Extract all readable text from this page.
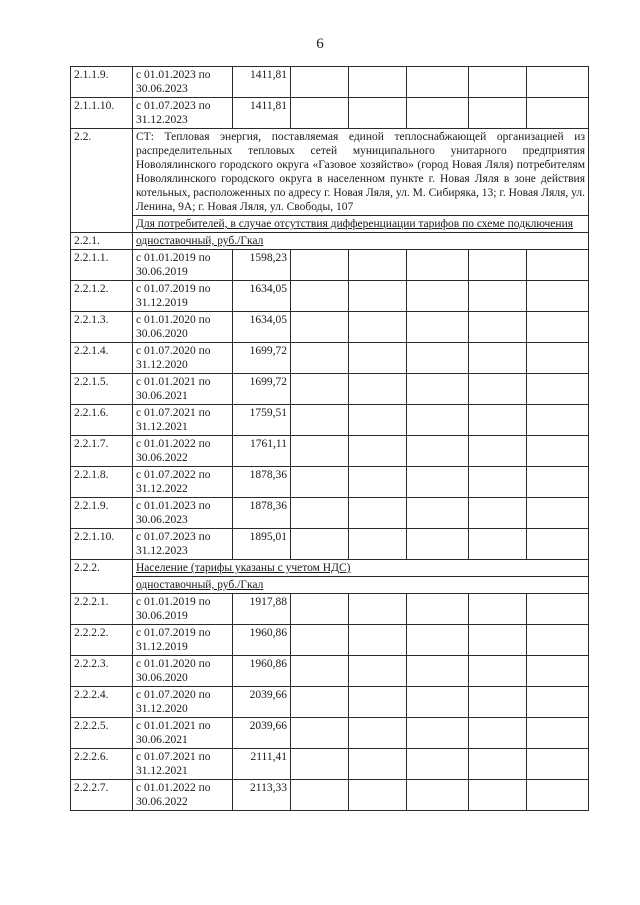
6
2.1.1.9.	с 01.01.2023 по 30.06.2023	1411,81					
2.1.1.10.	с 01.07.2023 по 31.12.2023	1411,81					
2.2.	СТ: Тепловая энергия, поставляемая единой теплоснабжающей организацией из распределительных тепловых сетей муниципального унитарного предприятия Новолялинского городского округа «Газовое хозяйство» (город Новая Ляля) потребителям Новолялинского городского округа в населенном пункте г. Новая Ляля в зоне действия котельных, расположенных по адресу г. Новая Ляля, ул. М. Сибиряка, 13; г. Новая Ляля, ул. Ленина, 9А; г. Новая Ляля, ул. Свободы, 107						
	Для потребителей, в случае отсутствия дифференциации тарифов по схеме подключения						
2.2.1.	одноставочный, руб./Гкал						
2.2.1.1.	с 01.01.2019 по 30.06.2019	1598,23					
2.2.1.2.	с 01.07.2019 по 31.12.2019	1634,05					
2.2.1.3.	с 01.01.2020 по 30.06.2020	1634,05					
2.2.1.4.	с 01.07.2020 по 31.12.2020	1699,72					
2.2.1.5.	с 01.01.2021 по 30.06.2021	1699,72					
2.2.1.6.	с 01.07.2021 по 31.12.2021	1759,51					
2.2.1.7.	с 01.01.2022 по 30.06.2022	1761,11					
2.2.1.8.	с 01.07.2022 по 31.12.2022	1878,36					
2.2.1.9.	с 01.01.2023 по 30.06.2023	1878,36					
2.2.1.10.	с 01.07.2023 по 31.12.2023	1895,01					
2.2.2.	Население (тарифы указаны с учетом НДС)						
	одноставочный, руб./Гкал						
2.2.2.1.	с 01.01.2019 по 30.06.2019	1917,88					
2.2.2.2.	с 01.07.2019 по 31.12.2019	1960,86					
2.2.2.3.	с 01.01.2020 по 30.06.2020	1960,86					
2.2.2.4.	с 01.07.2020 по 31.12.2020	2039,66					
2.2.2.5.	с 01.01.2021 по 30.06.2021	2039,66					
2.2.2.6.	с 01.07.2021 по 31.12.2021	2111,41					
2.2.2.7.	с 01.01.2022 по 30.06.2022	2113,33					
